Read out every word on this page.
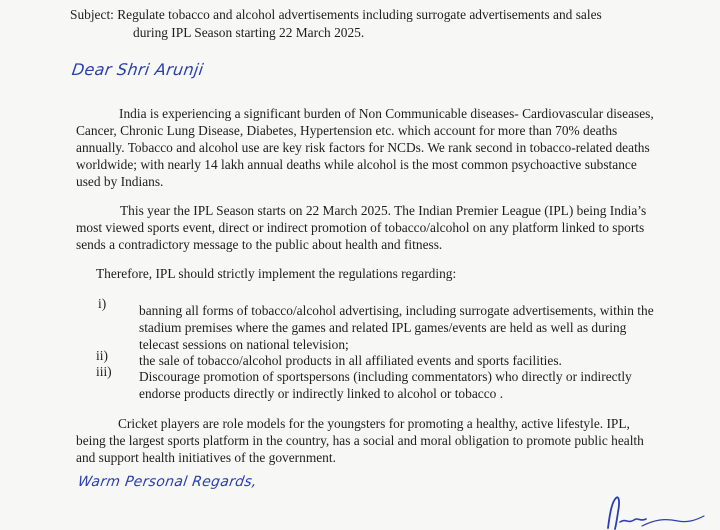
Subject: Regulate tobacco and alcohol advertisements including surrogate advertisements and sales
during IPL Season starting 22 March 2025.
Dear Shri Arunji
India is experiencing a significant burden of Non Communicable diseases- Cardiovascular diseases,
Cancer, Chronic Lung Disease, Diabetes, Hypertension etc. which account for more than 70% deaths
annually. Tobacco and alcohol use are key risk factors for NCDs. We rank second in tobacco-related deaths
worldwide; with nearly 14 lakh annual deaths while alcohol is the most common psychoactive substance
used by Indians.
This year the IPL Season starts on 22 March 2025. The Indian Premier League (IPL) being India’s
most viewed sports event, direct or indirect promotion of tobacco/alcohol on any platform linked to sports
sends a contradictory message to the public about health and fitness.
Therefore, IPL should strictly implement the regulations regarding:
i) banning all forms of tobacco/alcohol advertising, including surrogate advertisements, within the
stadium premises where the games and related IPL games/events are held as well as during
telecast sessions on national television;
ii) the sale of tobacco/alcohol products in all affiliated events and sports facilities.
iii) Discourage promotion of sportspersons (including commentators) who directly or indirectly
endorse products directly or indirectly linked to alcohol or tobacco .
Cricket players are role models for the youngsters for promoting a healthy, active lifestyle. IPL,
being the largest sports platform in the country, has a social and moral obligation to promote public health
and support health initiatives of the government.
Warm Personal Regards,
